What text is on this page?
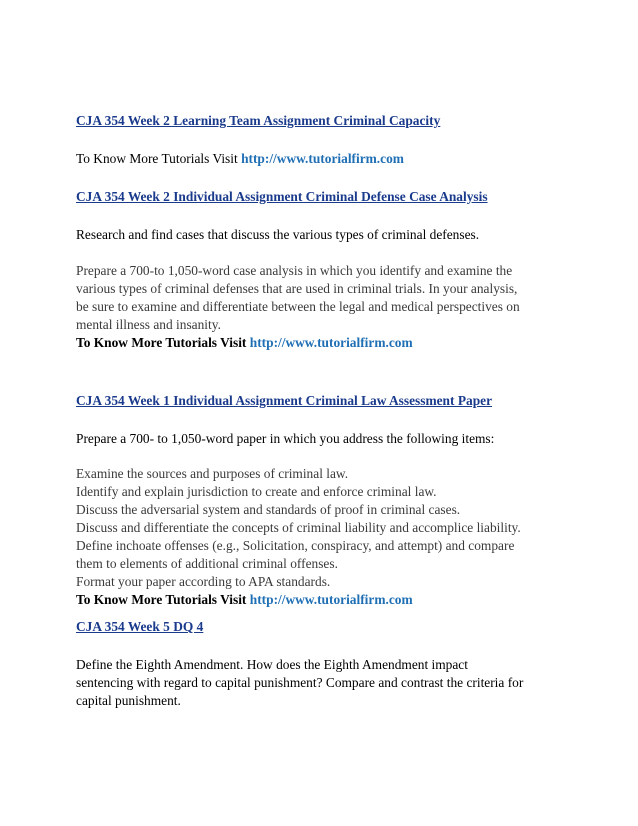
CJA 354 Week 2 Learning Team Assignment Criminal Capacity

To Know More Tutorials Visit http://www.tutorialfirm.com

CJA 354 Week 2 Individual Assignment Criminal Defense Case Analysis

Research and find cases that discuss the various types of criminal defenses.

Prepare a 700-to 1,050-word case analysis in which you identify and examine the
various types of criminal defenses that are used in criminal trials. In your analysis,
be sure to examine and differentiate between the legal and medical perspectives on
mental illness and insanity.
To Know More Tutorials Visit http://www.tutorialfirm.com

CJA 354 Week 1 Individual Assignment Criminal Law Assessment Paper

Prepare a 700- to 1,050-word paper in which you address the following items:

Examine the sources and purposes of criminal law.
Identify and explain jurisdiction to create and enforce criminal law.
Discuss the adversarial system and standards of proof in criminal cases.
Discuss and differentiate the concepts of criminal liability and accomplice liability.
Define inchoate offenses (e.g., Solicitation, conspiracy, and attempt) and compare
them to elements of additional criminal offenses.
Format your paper according to APA standards.
To Know More Tutorials Visit http://www.tutorialfirm.com

CJA 354 Week 5 DQ 4

Define the Eighth Amendment. How does the Eighth Amendment impact
sentencing with regard to capital punishment? Compare and contrast the criteria for
capital punishment.
